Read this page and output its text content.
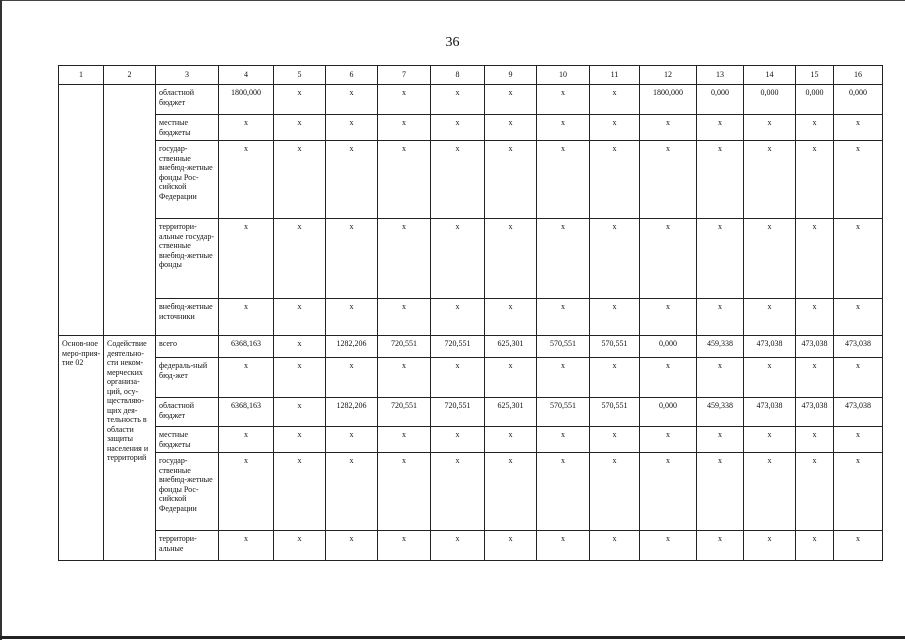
36
1	2	3	4	5	6	7	8	9	10	11	12	13	14	15	16
		областной бюджет	1800,000	x	x	x	x	x	x	x	1800,000	0,000	0,000	0,000	0,000
		местные бюджеты	x	x	x	x	x	x	x	x	x	x	x	x	x
		государ-ственные внебюд-жетные фонды Рос-сийской Федерации	x	x	x	x	x	x	x	x	x	x	x	x	x
		территори-альные государ-ственные внебюд-жетные фонды	x	x	x	x	x	x	x	x	x	x	x	x	x
		внебюд-жетные источники	x	x	x	x	x	x	x	x	x	x	x	x	x
Основ-ное меро-прия-тие 02	Содействие деятельно-сти неком-мерческих организа-ций, осу-ществляю-щих дея-тельность в области защиты населения и территорий	всего	6368,163	x	1282,206	720,551	720,551	625,301	570,551	570,551	0,000	459,338	473,038	473,038	473,038
		федераль-ный бюд-жет	x	x	x	x	x	x	x	x	x	x	x	x	x
		областной бюджет	6368,163	x	1282,206	720,551	720,551	625,301	570,551	570,551	0,000	459,338	473,038	473,038	473,038
		местные бюджеты	x	x	x	x	x	x	x	x	x	x	x	x	x
		государ-ственные внебюд-жетные фонды Рос-сийской Федерации	x	x	x	x	x	x	x	x	x	x	x	x	x
		территори-альные	x	x	x	x	x	x	x	x	x	x	x	x	x
